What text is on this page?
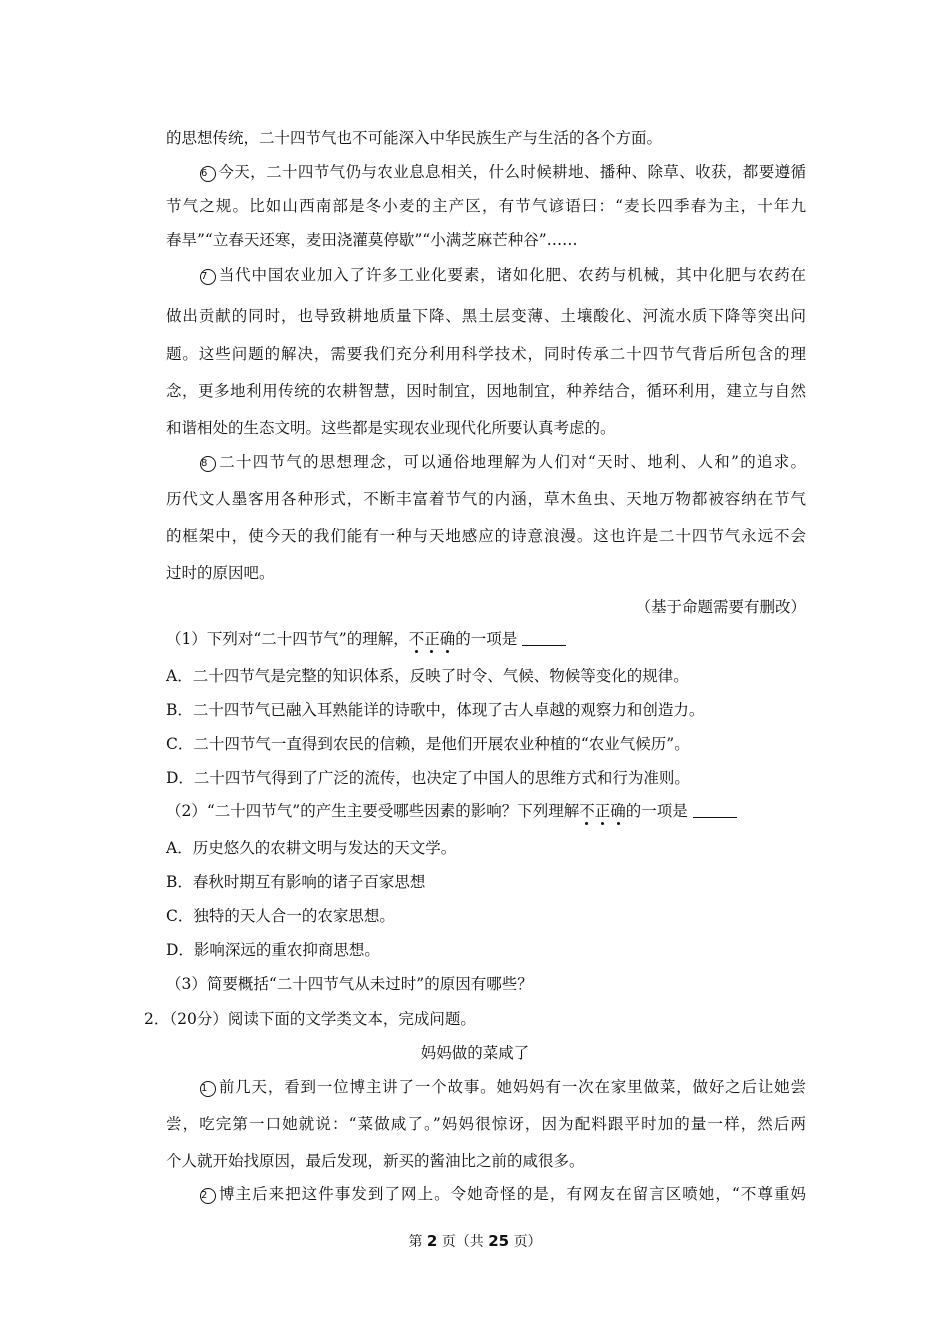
的思想传统，二十四节气也不可能深入中华民族生产与生活的各个方面。
6 今天，二十四节气仍与农业息息相关，什么时候耕地、播种、除草、收获，都要遵循
节气之规。比如山西南部是冬小麦的主产区，有节气谚语曰：“麦长四季春为主，十年九
春旱”“立春天还寒，麦田浇灌莫停歇”“小满芝麻芒种谷”……
7 当代中国农业加入了许多工业化要素，诸如化肥、农药与机械，其中化肥与农药在
做出贡献的同时，也导致耕地质量下降、黑土层变薄、土壤酸化、河流水质下降等突出问
题。这些问题的解决，需要我们充分利用科学技术，同时传承二十四节气背后所包含的理
念，更多地利用传统的农耕智慧，因时制宜，因地制宜，种养结合，循环利用，建立与自然
和谐相处的生态文明。这些都是实现农业现代化所要认真考虑的。
8 二十四节气的思想理念，可以通俗地理解为人们对“天时、地利、人和”的追求。
历代文人墨客用各种形式，不断丰富着节气的内涵，草木鱼虫、天地万物都被容纳在节气
的框架中，使今天的我们能有一种与天地感应的诗意浪漫。这也许是二十四节气永远不会
过时的原因吧。
（基于命题需要有删改）
（1）下列对“二十四节气”的理解，不正确的一项是
A．二十四节气是完整的知识体系，反映了时令、气候、物候等变化的规律。
B．二十四节气已融入耳熟能详的诗歌中，体现了古人卓越的观察力和创造力。
C．二十四节气一直得到农民的信赖，是他们开展农业种植的“农业气候历”。
D．二十四节气得到了广泛的流传，也决定了中国人的思维方式和行为准则。
（2）“二十四节气”的产生主要受哪些因素的影响？下列理解不正确的一项是
A．历史悠久的农耕文明与发达的天文学。
B．春秋时期互有影响的诸子百家思想
C．独特的天人合一的农家思想。
D．影响深远的重农抑商思想。
（3）简要概括“二十四节气从未过时”的原因有哪些？
2．（20分）阅读下面的文学类文本，完成问题。
妈妈做的菜咸了
1 前几天，看到一位博主讲了一个故事。她妈妈有一次在家里做菜，做好之后让她尝
尝，吃完第一口她就说：“菜做咸了。”妈妈很惊讶，因为配料跟平时加的量一样，然后两
个人就开始找原因，最后发现，新买的酱油比之前的咸很多。
2 博主后来把这件事发到了网上。令她奇怪的是，有网友在留言区喷她，“不尊重妈
第 2 页（共 25 页）
